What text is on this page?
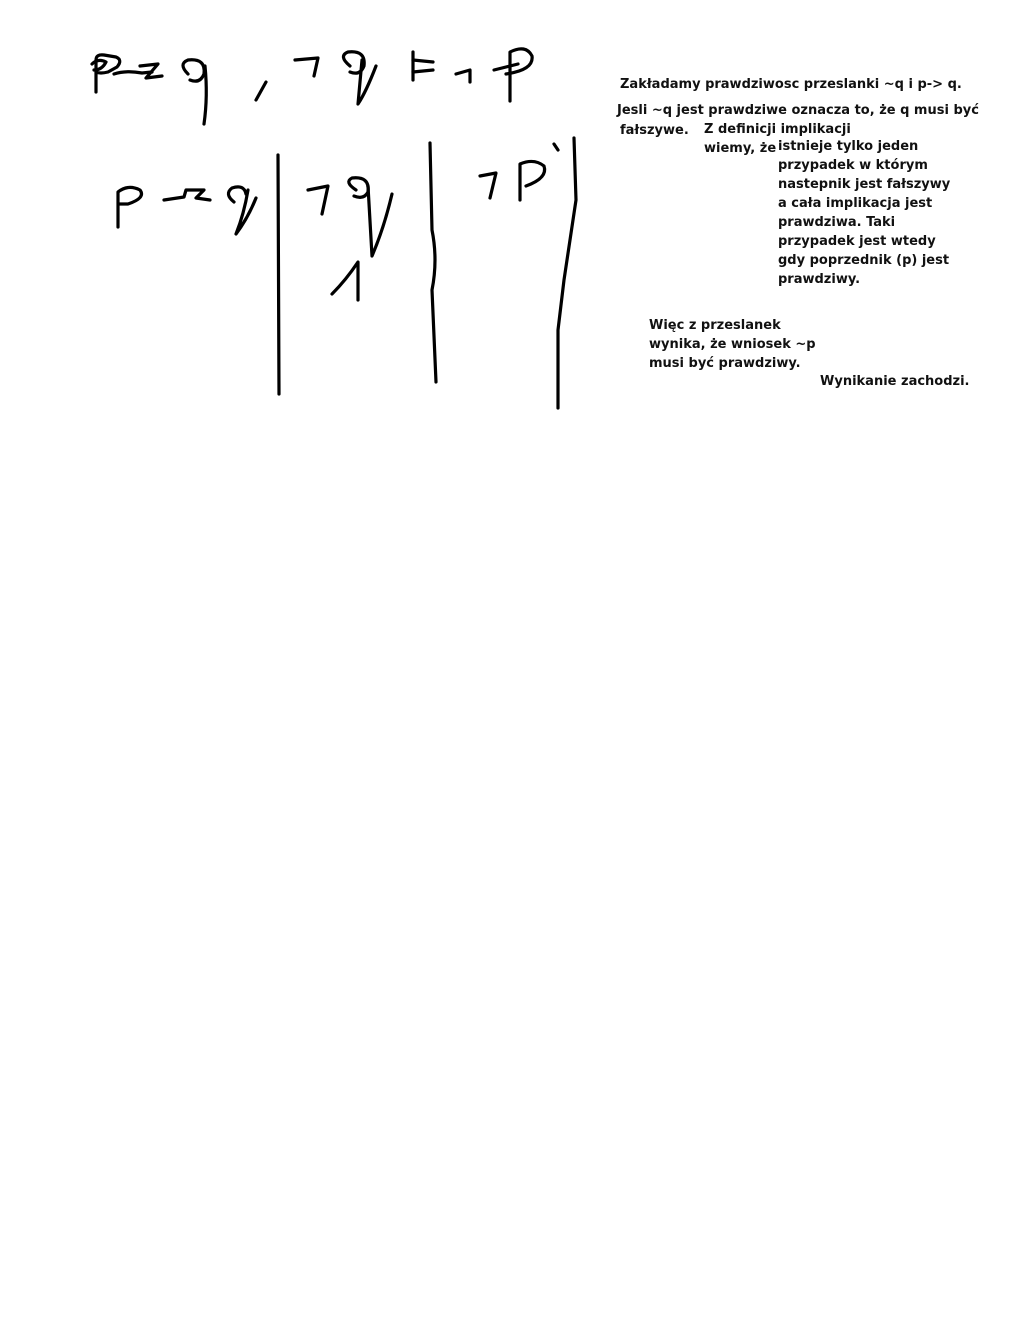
Zakładamy prawdziwosc przeslanki ~q i p-> q.

Jesli ~q jest prawdziwe oznacza to, że q musi być

fałszywe. Z definicji implikacji

wiemy, że istnieje tylko jeden
przypadek w którym
nastepnik jest fałszywy
a cała implikacja jest
prawdziwa. Taki
przypadek jest wtedy
gdy poprzednik (p) jest
prawdziwy.
Więc z przeslanek
wynika, że wniosek ~p
musi być prawdziwy.

Wynikanie zachodzi.
